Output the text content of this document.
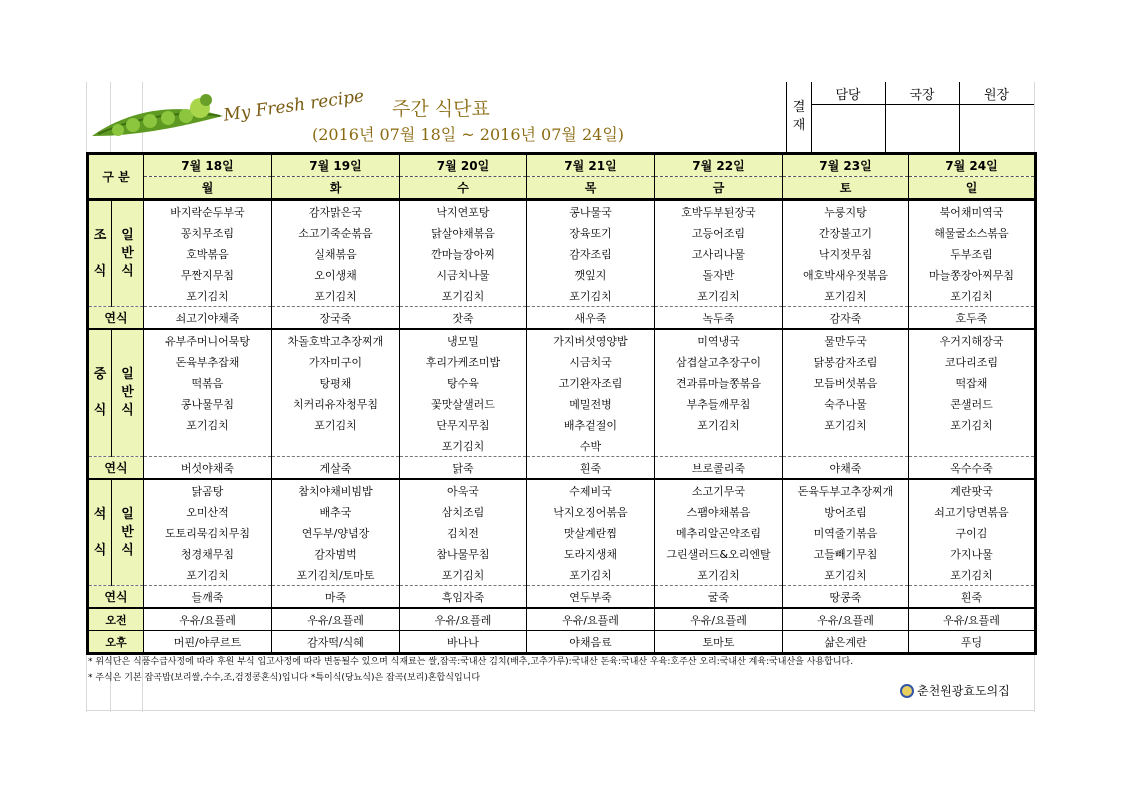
My Fresh recipe 주간 식단표
(2016년 07월 18일 ~ 2016년 07월 24일)
결
재
담당	국장	원장
구 분		7월 18일	7월 19일	7월 20일	7월 21일	7월 22일	7월 23일	7월 24일
		월	화	수	목	금	토	일
조

식	일
반
식	바지락순두부국	감자맑은국	낙지연포탕	콩나물국	호박두부된장국	누룽지탕	북어채미역국
		꽁치무조림	소고기죽순볶음	닭살야채볶음	장육또기	고등어조림	간장불고기	해물굴소스볶음
		호박볶음	실채볶음	깐마늘장아찌	감자조림	고사리나물	낙지젓무침	두부조림
		무짠지무침	오이생채	시금치나물	깻잎지	돌자반	애호박새우젓볶음	마늘쫑장아찌무침
		포기김치	포기김치	포기김치	포기김치	포기김치	포기김치	포기김치
연식		쇠고기야채죽	장국죽	잣죽	새우죽	녹두죽	감자죽	호두죽
중

식	일
반
식	유부주머니어묵탕	차돌호박고추장찌개	냉모밀	가지버섯영양밥	미역냉국	물만두국	우거지해장국
		돈육부추잡채	가자미구이	후리가케조미밥	시금치국	삼겹살고추장구이	닭봉감자조림	코다리조림
		떡볶음	탕평채	탕수육	고기완자조림	견과류마늘쫑볶음	모듬버섯볶음	떡잡채
		콩나물무침	치커리유자청무침	꽃맛살샐러드	메밀전병	부추들깨무침	숙주나물	콘샐러드
		포기김치	포기김치	단무지무침	배추겉절이	포기김치	포기김치	포기김치
				포기김치	수박			
연식		버섯야채죽	게살죽	닭죽	흰죽	브로콜리죽	야채죽	옥수수죽
석

식	일
반
식	닭곰탕	참치야채비빔밥	아욱국	수제비국	소고기무국	돈육두부고추장찌개	계란팟국
		오미산적	배추국	삼치조림	낙지오징어볶음	스팸야채볶음	방어조림	쇠고기당면볶음
		도토리묵김치무침	연두부/양념장	김치전	맛살계란찜	메추리알곤약조림	미역줄기볶음	구이김
		청경채무침	감자범벅	참나물무침	도라지생채	그린샐러드&오리엔탈	고들빼기무침	가지나물
		포기김치	포기김치/토마토	포기김치	포기김치	포기김치	포기김치	포기김치
연식		들깨죽	마죽	흑임자죽	연두부죽	굴죽	땅콩죽	흰죽
오전		우유/요플레	우유/요플레	우유/요플레	우유/요플레	우유/요플레	우유/요플레	우유/요플레
오후		머핀/야쿠르트	감자떡/식혜	바나나	야채음료	토마토	삶은계란	푸딩
* 위식단은 식품수급사정에 따라 후원 부식 입고사정에 따라 변동될수 있으며 식재료는 쌀,잡곡:국내산 김치(배추,고추가루):국내산 돈육:국내산 우육:호주산 오리:국내산 계육:국내산을 사용합니다.
* 주식은 기본 잡곡밥(보리쌀,수수,조,검정콩혼식)입니다 *특이식(당뇨식)은 잡곡(보리)혼합식입니다
춘천원광효도의집
